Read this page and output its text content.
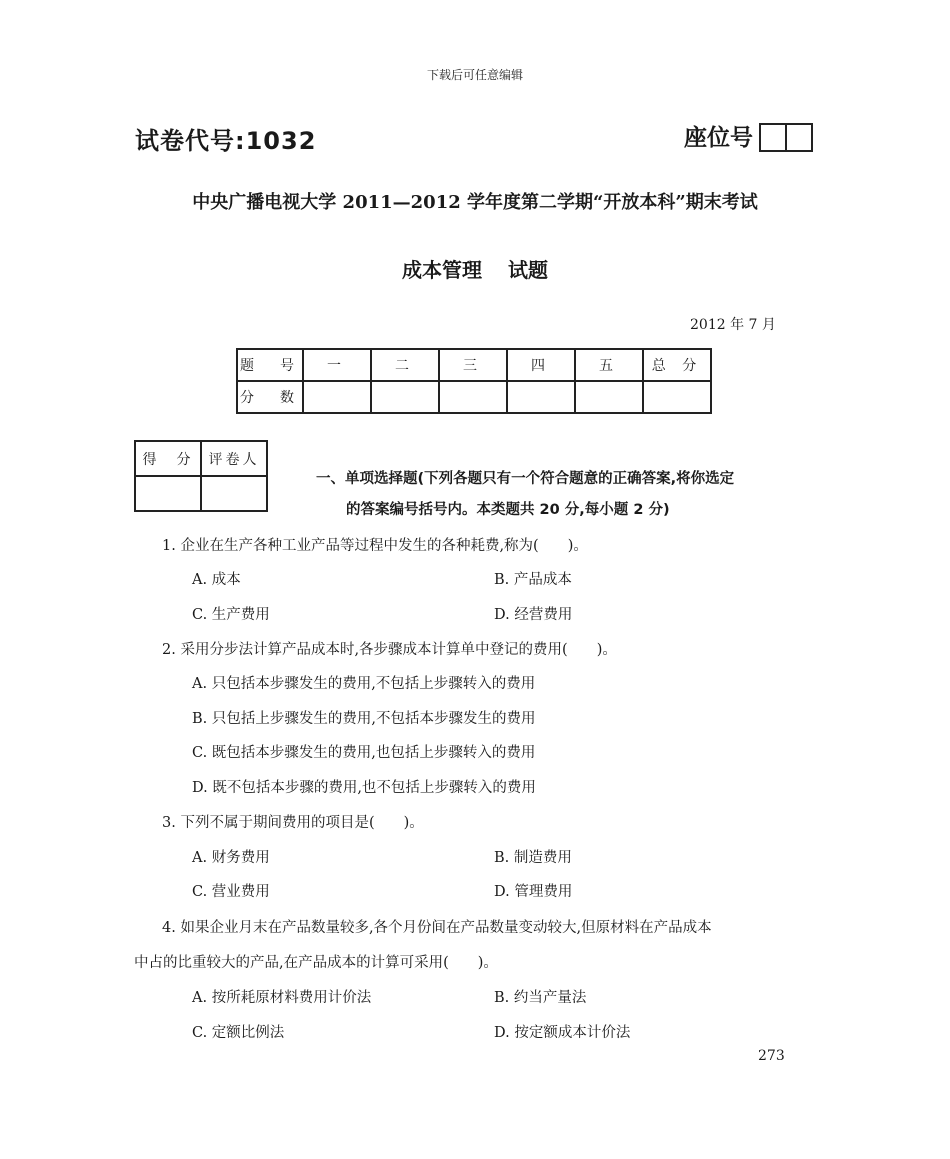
下载后可任意编辑
试卷代号:1032	座位号
中央广播电视大学 2011—2012 学年度第二学期“开放本科”期末考试
成本管理 试题
2012 年 7 月
题　号	一	二	三	四	五	总 分
分　数						
得　分	评卷人

一、单项选择题(下列各题只有一个符合题意的正确答案,将你选定
的答案编号括号内。本类题共 20 分,每小题 2 分)
1. 企业在生产各种工业产品等过程中发生的各种耗费,称为(　　)。
A. 成本	B. 产品成本
C. 生产费用	D. 经营费用
2. 采用分步法计算产品成本时,各步骤成本计算单中登记的费用(　　)。
A. 只包括本步骤发生的费用,不包括上步骤转入的费用
B. 只包括上步骤发生的费用,不包括本步骤发生的费用
C. 既包括本步骤发生的费用,也包括上步骤转入的费用
D. 既不包括本步骤的费用,也不包括上步骤转入的费用
3. 下列不属于期间费用的项目是(　　)。
A. 财务费用	B. 制造费用
C. 营业费用	D. 管理费用
4. 如果企业月末在产品数量较多,各个月份间在产品数量变动较大,但原材料在产品成本
中占的比重较大的产品,在产品成本的计算可采用(　　)。
A. 按所耗原材料费用计价法	B. 约当产量法
C. 定额比例法	D. 按定额成本计价法
273
